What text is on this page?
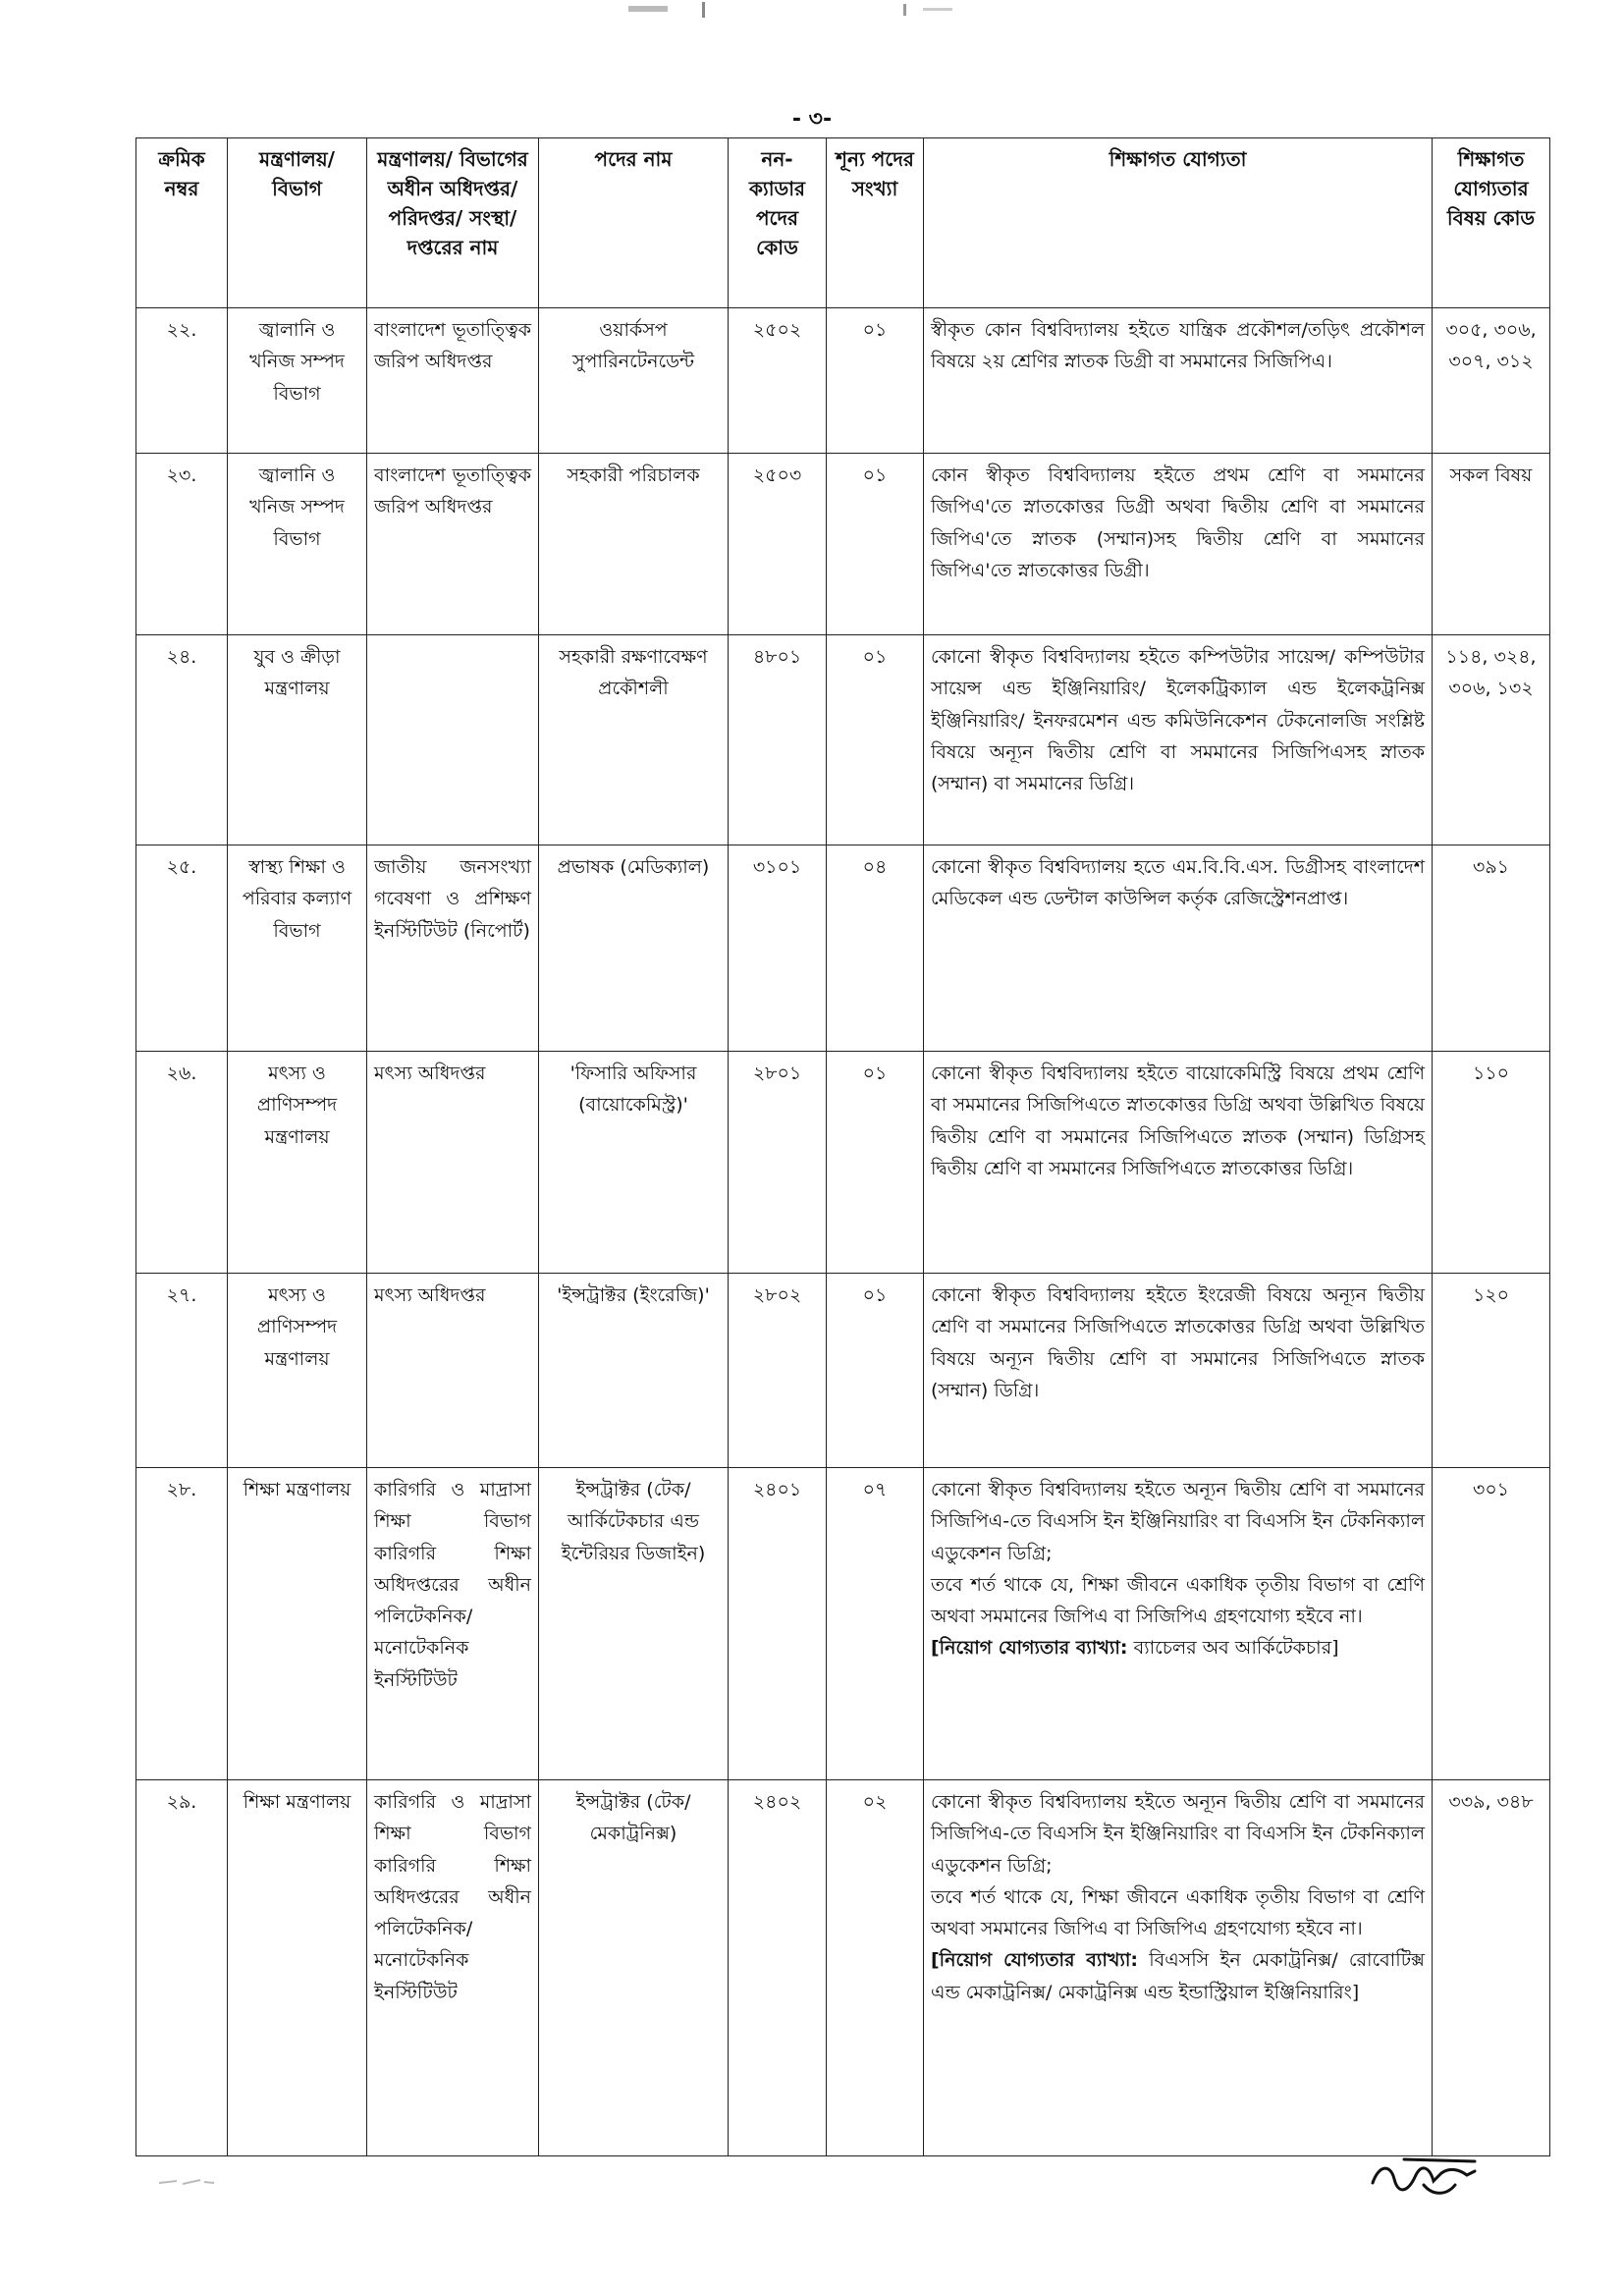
- ৩-
ক্রমিক নম্বর	মন্ত্রণালয়/ বিভাগ	মন্ত্রণালয়/ বিভাগের অধীন অধিদপ্তর/ পরিদপ্তর/ সংস্থা/ দপ্তরের নাম	পদের নাম	নন- ক্যাডার পদের কোড	শূন্য পদের সংখ্যা	শিক্ষাগত যোগ্যতা	শিক্ষাগত যোগ্যতার বিষয় কোড
২২.	জ্বালানি ও খনিজ সম্পদ বিভাগ	বাংলাদেশ ভূতাত্ত্বিক জরিপ অধিদপ্তর	ওয়ার্কসপ সুপারিনটেনডেন্ট	২৫০২	০১	স্বীকৃত কোন বিশ্ববিদ্যালয় হইতে যান্ত্রিক প্রকৌশল/তড়িৎ প্রকৌশল বিষয়ে ২য় শ্রেণির স্নাতক ডিগ্রী বা সমমানের সিজিপিএ।	৩০৫, ৩০৬, ৩০৭, ৩১২
২৩.	জ্বালানি ও খনিজ সম্পদ বিভাগ	বাংলাদেশ ভূতাত্ত্বিক জরিপ অধিদপ্তর	সহকারী পরিচালক	২৫০৩	০১	কোন স্বীকৃত বিশ্ববিদ্যালয় হইতে প্রথম শ্রেণি বা সমমানের জিপিএ'তে স্নাতকোত্তর ডিগ্রী অথবা দ্বিতীয় শ্রেণি বা সমমানের জিপিএ'তে স্নাতক (সম্মান)সহ দ্বিতীয় শ্রেণি বা সমমানের জিপিএ'তে স্নাতকোত্তর ডিগ্রী।	সকল বিষয়
২৪.	যুব ও ক্রীড়া মন্ত্রণালয়		সহকারী রক্ষণাবেক্ষণ প্রকৌশলী	৪৮০১	০১	কোনো স্বীকৃত বিশ্ববিদ্যালয় হইতে কম্পিউটার সায়েন্স/ কম্পিউটার সায়েন্স এন্ড ইঞ্জিনিয়ারিং/ ইলেকট্রিক্যাল এন্ড ইলেকট্রনিক্স ইঞ্জিনিয়ারিং/ ইনফরমেশন এন্ড কমিউনিকেশন টেকনোলজি সংশ্লিষ্ট বিষয়ে অন্যূন দ্বিতীয় শ্রেণি বা সমমানের সিজিপিএসহ স্নাতক (সম্মান) বা সমমানের ডিগ্রি।	১১৪, ৩২৪, ৩০৬, ১৩২
২৫.	স্বাস্থ্য শিক্ষা ও পরিবার কল্যাণ বিভাগ	জাতীয় জনসংখ্যা গবেষণা ও প্রশিক্ষণ ইনস্টিটিউট (নিপোর্ট)	প্রভাষক (মেডিক্যাল)	৩১০১	০৪	কোনো স্বীকৃত বিশ্ববিদ্যালয় হতে এম.বি.বি.এস. ডিগ্রীসহ বাংলাদেশ মেডিকেল এন্ড ডেন্টাল কাউন্সিল কর্তৃক রেজিস্ট্রেশনপ্রাপ্ত।	৩৯১
২৬.	মৎস্য ও প্রাণিসম্পদ মন্ত্রণালয়	মৎস্য অধিদপ্তর	'ফিসারি অফিসার (বায়োকেমিস্ট্র)'	২৮০১	০১	কোনো স্বীকৃত বিশ্ববিদ্যালয় হইতে বায়োকেমিস্ট্রি বিষয়ে প্রথম শ্রেণি বা সমমানের সিজিপিএতে স্নাতকোত্তর ডিগ্রি অথবা উল্লিখিত বিষয়ে দ্বিতীয় শ্রেণি বা সমমানের সিজিপিএতে স্নাতক (সম্মান) ডিগ্রিসহ দ্বিতীয় শ্রেণি বা সমমানের সিজিপিএতে স্নাতকোত্তর ডিগ্রি।	১১০
২৭.	মৎস্য ও প্রাণিসম্পদ মন্ত্রণালয়	মৎস্য অধিদপ্তর	'ইন্সট্রাক্টর (ইংরেজি)'	২৮০২	০১	কোনো স্বীকৃত বিশ্ববিদ্যালয় হইতে ইংরেজী বিষয়ে অন্যূন দ্বিতীয় শ্রেণি বা সমমানের সিজিপিএতে স্নাতকোত্তর ডিগ্রি অথবা উল্লিখিত বিষয়ে অন্যূন দ্বিতীয় শ্রেণি বা সমমানের সিজিপিএতে স্নাতক (সম্মান) ডিগ্রি।	১২০
২৮.	শিক্ষা মন্ত্রণালয়	কারিগরি ও মাদ্রাসা শিক্ষা বিভাগ কারিগরি শিক্ষা অধিদপ্তরের অধীন পলিটেকনিক/ মনোটেকনিক ইনস্টিটিউট	ইন্সট্রাক্টর (টেক/ আর্কিটেকচার এন্ড ইন্টেরিয়র ডিজাইন)	২৪০১	০৭	কোনো স্বীকৃত বিশ্ববিদ্যালয় হইতে অন্যূন দ্বিতীয় শ্রেণি বা সমমানের সিজিপিএ-তে বিএসসি ইন ইঞ্জিনিয়ারিং বা বিএসসি ইন টেকনিক্যাল এডুকেশন ডিগ্রি;
তবে শর্ত থাকে যে, শিক্ষা জীবনে একাধিক তৃতীয় বিভাগ বা শ্রেণি অথবা সমমানের জিপিএ বা সিজিপিএ গ্রহণযোগ্য হইবে না।
[নিয়োগ যোগ্যতার ব্যাখ্যা: ব্যাচেলর অব আর্কিটেকচার]	৩০১
২৯.	শিক্ষা মন্ত্রণালয়	কারিগরি ও মাদ্রাসা শিক্ষা বিভাগ কারিগরি শিক্ষা অধিদপ্তরের অধীন পলিটেকনিক/ মনোটেকনিক ইনস্টিটিউট	ইন্সট্রাক্টর (টেক/ মেকাট্রনিক্স)	২৪০২	০২	কোনো স্বীকৃত বিশ্ববিদ্যালয় হইতে অন্যূন দ্বিতীয় শ্রেণি বা সমমানের সিজিপিএ-তে বিএসসি ইন ইঞ্জিনিয়ারিং বা বিএসসি ইন টেকনিক্যাল এডুকেশন ডিগ্রি;
তবে শর্ত থাকে যে, শিক্ষা জীবনে একাধিক তৃতীয় বিভাগ বা শ্রেণি অথবা সমমানের জিপিএ বা সিজিপিএ গ্রহণযোগ্য হইবে না।
[নিয়োগ যোগ্যতার ব্যাখ্যা: বিএসসি ইন মেকাট্রনিক্স/ রোবোটিক্স এন্ড মেকাট্রনিক্স/ মেকাট্রনিক্স এন্ড ইন্ডাস্ট্রিয়াল ইঞ্জিনিয়ারিং]	৩৩৯, ৩৪৮
